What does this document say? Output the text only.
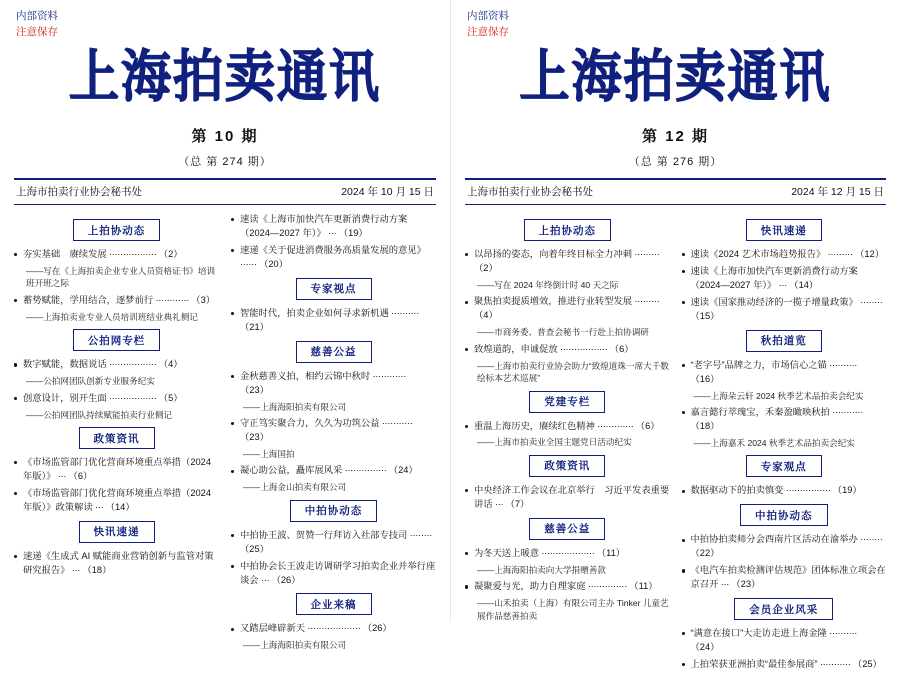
内部资料
注意保存
上海拍卖通讯
第 10 期
（总 第 274 期）
上海市拍卖行业协会秘书处	2024 年 10 月 15 日
上拍协动态
夯实基础　赓续发展 ················· （2）
——写在《上海拍卖企业专业人员资格证书》培训班开班之际
蓄势赋能，学用结合，逐梦前行 ············ （3）
——上海拍卖业专业人员培训班结业典礼侧记
公拍网专栏
数字赋能，数据说话 ················· （4）
——公拍网团队创新专业服务纪实
创意设计，别开生面 ················· （5）
——公拍网团队持续赋能拍卖行业侧记
政策资讯
《市场监管部门优化营商环境重点举措（2024 年版）》 ··· （6）
《市场监管部门优化营商环境重点举措（2024 年版）》政策解读 ··· （14）
快讯速递
速递《生成式 AI 赋能商业营销创新与监管对策研究报告》 ··· （18）
速读《上海市加快汽车更新消费行动方案（2024—2027 年）》 ··· （19）
速递《关于促进消费服务高质量发展的意见》 ······ （20）
专家视点
智能时代，拍卖企业如何寻求新机遇 ·········· （21）
慈善公益
金秋慈善义拍，相约云锦中秋时 ············ （23）
——上海海阳拍卖有限公司
守正笃实聚合力，久久为功筑公益 ··········· （23）
——上海国拍
凝心助公益，矗库展风采 ··············· （24）
——上海金山拍卖有限公司
中拍协动态
中拍协王波、贺赞一行拜访入社部专技司 ········ （25）
中拍协会长王波走访调研学习拍卖企业并举行座谈会 ··· （26）
企业来稿
又踏层峰辟新天 ··················· （26）
——上海海阳拍卖有限公司
内部资料
注意保存
上海拍卖通讯
第 12 期
（总 第 276 期）
上海市拍卖行业协会秘书处	2024 年 12 月 15 日
上拍协动态
以昂扬的姿态，向着年终目标全力冲刺 ········· （2）
——写在 2024 年终倒计时 40 天之际
聚焦拍卖提质增效，推进行业转型发展 ········· （4）
——市商务委、普查会秘书一行赴上拍协调研
致煌道韵，申诚促放 ················· （6）
——上海市拍卖行业协会助力“致煌道珠一席大千数绘标本艺术巡展”
党建专栏
重温上海历史，赓续红色精神 ············· （6）
——上海市拍卖业全国主题党日活动纪实
政策资讯
中央经济工作会议在北京举行　习近平发表重要讲话 ··· （7）
慈善公益
为冬天送上暖意 ··················· （11）
——上海海阳拍卖向大学捐赠善款
凝聚爱与光，助力自理家庭 ·············· （11）
——山禾拍卖（上海）有限公司主办 Tinker 儿童艺展作品慈善拍卖
快讯速递
速读《2024 艺术市场趋势报告》 ········· （12）
速读《上海市加快汽车更新消费行动方案（2024—2027 年）》 ··· （14）
速读《国家推动经济的一揽子增量政策》 ········ （15）
秋拍道览
“老字号”品牌之力，市场信心之锚 ·········· （16）
——上海朵云轩 2024 秋季艺术品拍卖会纪实
嘉言懿行萃瑰宝，禾秦盈瞰映秋拍 ··········· （18）
——上海嘉禾 2024 秋季艺术品拍卖会纪实
专家观点
数据驱动下的拍卖慎变 ················ （19）
中拍协动态
中拍协拍卖师分会西南片区活动在渝举办 ········ （22）
《电汽车拍卖检测评估规范》团体标准立项会在京召开 ··· （23）
会员企业风采
“满意在接口”大走访走进上海金隆 ·········· （24）
上拍荣获亚洲拍卖“最佳参展商” ··········· （25）
